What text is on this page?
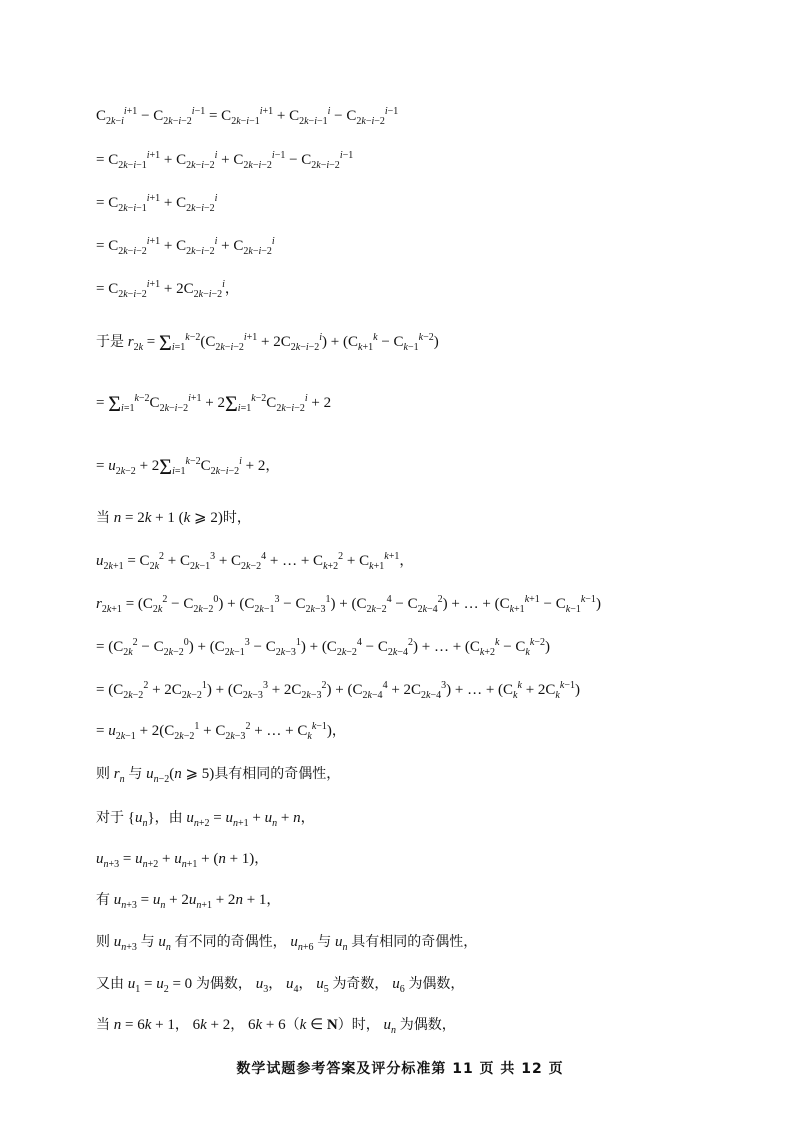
$C_{2k-i}^{i+1} - C_{2k-i-2}^{i-1} = C_{2k-i-1}^{i+1} + C_{2k-i-1}^i - C_{2k-i-2}^{i-1}$
= $C_{2k-i-1}^{i+1} + C_{2k-i-2}^i + C_{2k-i-2}^{i-1} - C_{2k-i-2}^{i-1}$
= $C_{2k-i-1}^{i+1} + C_{2k-i-2}^i$
= $C_{2k-i-2}^{i+1} + C_{2k-i-2}^i + C_{2k-i-2}^i$
= $C_{2k-i-2}^{i+1} + 2C_{2k-i-2}^i$，
于是 $r_{2k} = \Sigma_{i=1}^{k-2}(C_{2k-i-2}^{i+1} + 2C_{2k-i-2}^i) + (C_{k+1}^k - C_{k-1}^{k-2})$
= $\Sigma_{i=1}^{k-2}C_{2k-i-2}^{i+1} + 2\Sigma_{i=1}^{k-2}C_{2k-i-2}^i + 2$
= $u_{2k-2} + 2\Sigma_{i=1}^{k-2}C_{2k-i-2}^i + 2$，
当 n = 2k + 1 (k ⩾ 2)时，
$u_{2k+1} = C_{2k}^2 + C_{2k-1}^3 + C_{2k-2}^4$ + … + $C_{k+2}^2 + C_{k+1}^{k+1}$，
$r_{2k+1} = (C_{2k}^2 - C_{2k-2}^0) + (C_{2k-1}^3 - C_{2k-3}^1) + (C_{2k-2}^4 - C_{2k-4}^2)$ + … + $(C_{k+1}^{k+1} - C_{k-1}^{k-1})$
= $(C_{2k}^2 - C_{2k-2}^0) + (C_{2k-1}^3 - C_{2k-3}^1) + (C_{2k-2}^4 - C_{2k-4}^2)$ + … + $(C_{k+2}^k - C_k^{k-2})$
= $(C_{2k-2}^2 + 2C_{2k-2}^1) + (C_{2k-3}^3 + 2C_{2k-3}^2) + (C_{2k-4}^4 + 2C_{2k-4}^3)$ + … + $(C_k^k + 2C_k^{k-1})$
= $u_{2k-1} + 2(C_{2k-2}^1 + C_{2k-3}^2$ + … + $C_k^{k-1}$)，
则 $r_n$ 与 $u_{n-2}(n$ ⩾ 5)具有相同的奇偶性，
对于 $\{u_n\}$，由 $u_{n+2} = u_{n+1} + u_n + n$，
$u_{n+3} = u_{n+2} + u_{n+1} + (n + 1)$，
有 $u_{n+3} = u_n + 2u_{n+1} + 2n + 1$，
则 $u_{n+3}$ 与 $u_n$ 有不同的奇偶性， $u_{n+6}$ 与 $u_n$ 具有相同的奇偶性，
又由 $u_1 = u_2 = 0$ 为偶数， $u_3$， $u_4$， $u_5$ 为奇数， $u_6$ 为偶数，
当 n = 6k + 1， 6k + 2， 6k + 6（k ∈ N）时， $u_n$ 为偶数，
数学试题参考答案及评分标准第 11 页 共 12 页
